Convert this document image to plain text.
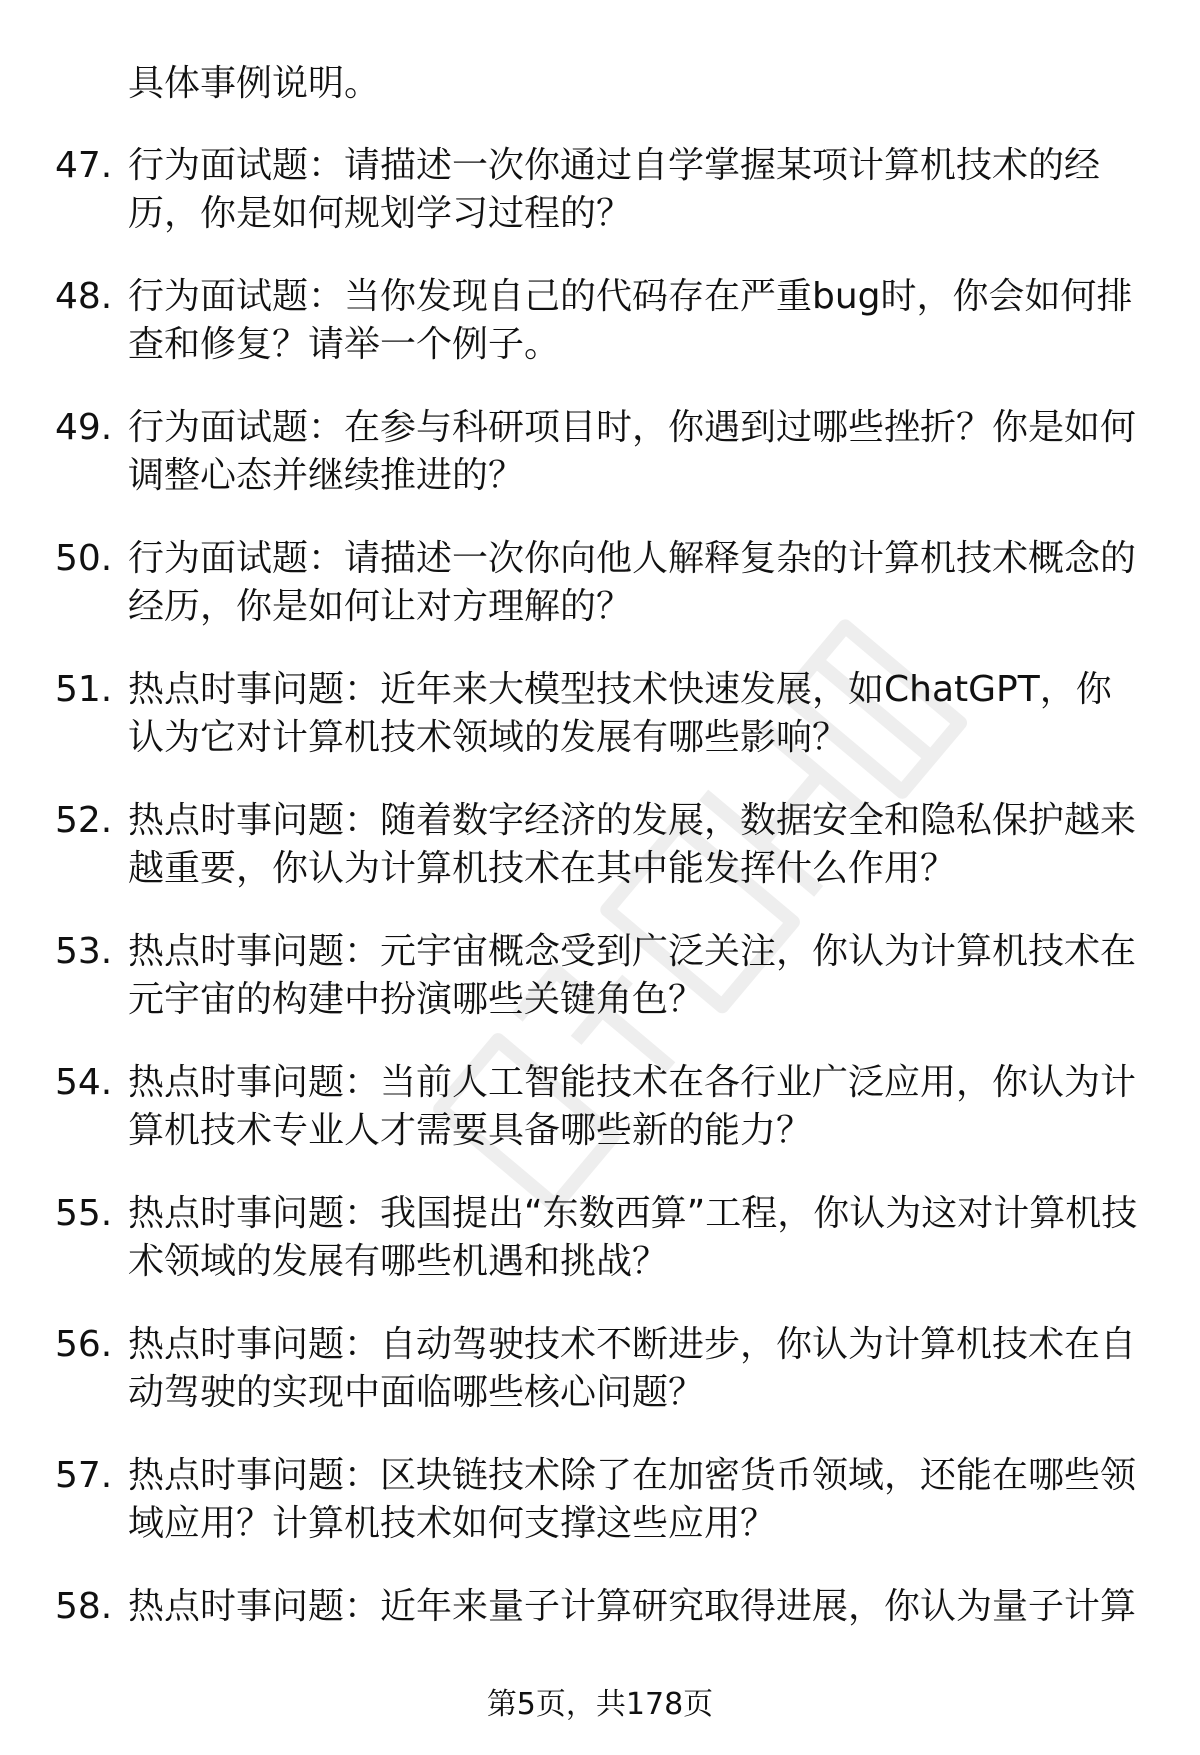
具体事例说明。
47. 行为面试题：请描述一次你通过自学掌握某项计算机技术的经历，你是如何规划学习过程的？
48. 行为面试题：当你发现自己的代码存在严重bug时，你会如何排查和修复？请举一个例子。
49. 行为面试题：在参与科研项目时，你遇到过哪些挫折？你是如何调整心态并继续推进的？
50. 行为面试题：请描述一次你向他人解释复杂的计算机技术概念的经历，你是如何让对方理解的？
51. 热点时事问题：近年来大模型技术快速发展，如ChatGPT，你认为它对计算机技术领域的发展有哪些影响？
52. 热点时事问题：随着数字经济的发展，数据安全和隐私保护越来越重要，你认为计算机技术在其中能发挥什么作用？
53. 热点时事问题：元宇宙概念受到广泛关注，你认为计算机技术在元宇宙的构建中扮演哪些关键角色？
54. 热点时事问题：当前人工智能技术在各行业广泛应用，你认为计算机技术专业人才需要具备哪些新的能力？
55. 热点时事问题：我国提出“东数西算”工程，你认为这对计算机技术领域的发展有哪些机遇和挑战？
56. 热点时事问题：自动驾驶技术不断进步，你认为计算机技术在自动驾驶的实现中面临哪些核心问题？
57. 热点时事问题：区块链技术除了在加密货币领域，还能在哪些领域应用？计算机技术如何支撑这些应用？
58. 热点时事问题：近年来量子计算研究取得进展，你认为量子计算
第5页，共178页
